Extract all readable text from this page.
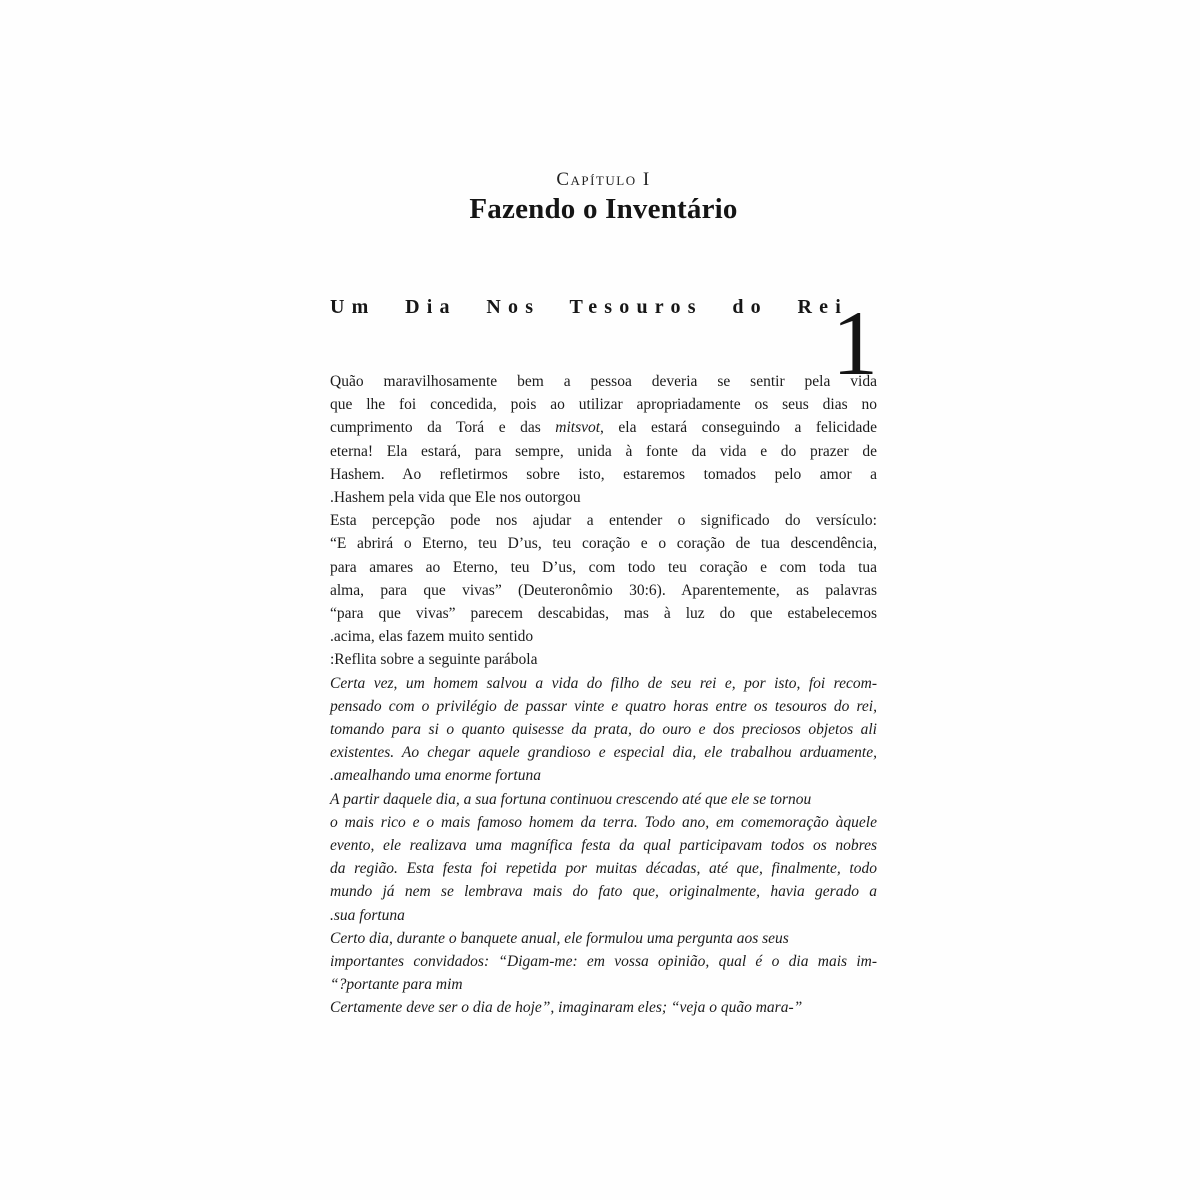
Capítulo I
Fazendo o Inventário
Um Dia Nos Tesouros do Rei
Quão maravilhosamente bem a pessoa deveria se sentir pela vida
que lhe foi concedida, pois ao utilizar apropriadamente os seus dias no
cumprimento da Torá e das mitsvot, ela estará conseguindo a felicidade
eterna! Ela estará, para sempre, unida à fonte da vida e do prazer de
Hashem. Ao refletirmos sobre isto, estaremos tomados pelo amor a
.Hashem pela vida que Ele nos outorgou
Esta percepção pode nos ajudar a entender o significado do versículo:
“E abrirá o Eterno, teu D’us, teu coração e o coração de tua descendência,
para amares ao Eterno, teu D’us, com todo teu coração e com toda tua
alma, para que vivas” (Deuteronômio 30:6). Aparentemente, as palavras
“para que vivas” parecem descabidas, mas à luz do que estabelecemos
.acima, elas fazem muito sentido
:Reflita sobre a seguinte parábola
Certa vez, um homem salvou a vida do filho de seu rei e, por isto, foi recom-
pensado com o privilégio de passar vinte e quatro horas entre os tesouros do rei,
tomando para si o quanto quisesse da prata, do ouro e dos preciosos objetos ali
existentes. Ao chegar aquele grandioso e especial dia, ele trabalhou arduamente,
.amealhando uma enorme fortuna
A partir daquele dia, a sua fortuna continuou crescendo até que ele se tornou
o mais rico e o mais famoso homem da terra. Todo ano, em comemoração àquele
evento, ele realizava uma magnífica festa da qual participavam todos os nobres
da região. Esta festa foi repetida por muitas décadas, até que, finalmente, todo
mundo já nem se lembrava mais do fato que, originalmente, havia gerado a
.sua fortuna
Certo dia, durante o banquete anual, ele formulou uma pergunta aos seus
importantes convidados: “Digam-me: em vossa opinião, qual é o dia mais im-
“?portante para mim
Certamente deve ser o dia de hoje”, imaginaram eles; “veja o quão mara-”
1
